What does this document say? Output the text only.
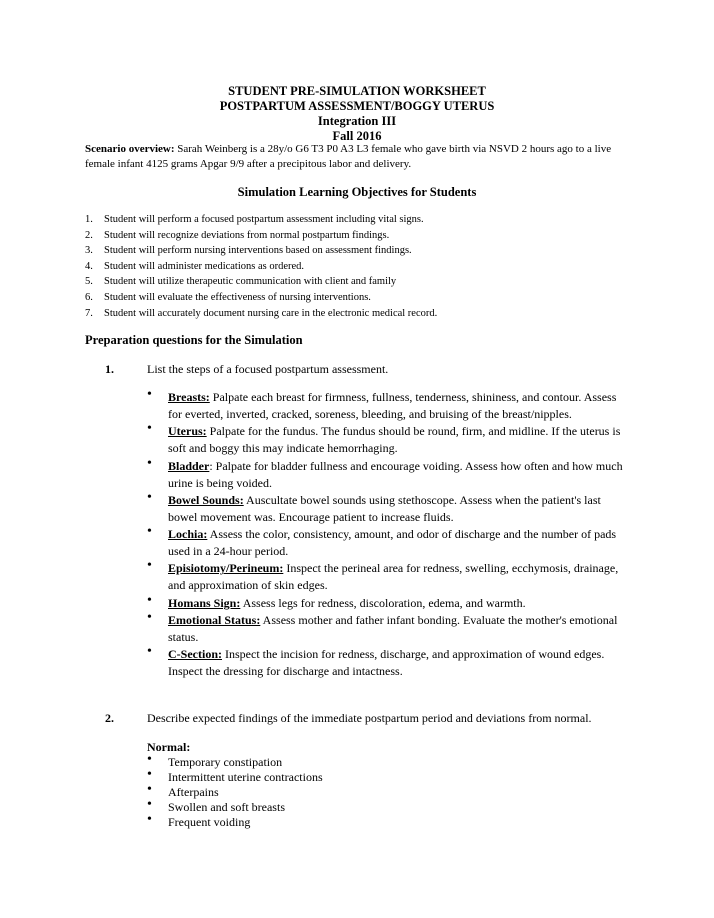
STUDENT PRE-SIMULATION WORKSHEET
POSTPARTUM ASSESSMENT/BOGGY UTERUS
Integration III
Fall 2016
Scenario overview: Sarah Weinberg is a 28y/o G6 T3 P0 A3 L3 female who gave birth via NSVD 2 hours ago to a live female infant 4125 grams Apgar 9/9 after a precipitous labor and delivery.
Simulation Learning Objectives for Students
1. Student will perform a focused postpartum assessment including vital signs.
2. Student will recognize deviations from normal postpartum findings.
3. Student will perform nursing interventions based on assessment findings.
4. Student will administer medications as ordered.
5. Student will utilize therapeutic communication with client and family
6. Student will evaluate the effectiveness of nursing interventions.
7. Student will accurately document nursing care in the electronic medical record.
Preparation questions for the Simulation
1.	List the steps of a focused postpartum assessment.
• Breasts: Palpate each breast for firmness, fullness, tenderness, shininess, and contour. Assess for everted, inverted, cracked, soreness, bleeding, and bruising of the breast/nipples.
• Uterus: Palpate for the fundus. The fundus should be round, firm, and midline. If the uterus is soft and boggy this may indicate hemorrhaging.
• Bladder: Palpate for bladder fullness and encourage voiding. Assess how often and how much urine is being voided.
• Bowel Sounds: Auscultate bowel sounds using stethoscope. Assess when the patient's last bowel movement was. Encourage patient to increase fluids.
• Lochia: Assess the color, consistency, amount, and odor of discharge and the number of pads used in a 24-hour period.
• Episiotomy/Perineum: Inspect the perineal area for redness, swelling, ecchymosis, drainage, and approximation of skin edges.
• Homans Sign: Assess legs for redness, discoloration, edema, and warmth.
• Emotional Status: Assess mother and father infant bonding. Evaluate the mother's emotional status.
• C-Section: Inspect the incision for redness, discharge, and approximation of wound edges. Inspect the dressing for discharge and intactness.
2.	Describe expected findings of the immediate postpartum period and deviations from normal.
Normal:
• Temporary constipation
• Intermittent uterine contractions
• Afterpains
• Swollen and soft breasts
• Frequent voiding
